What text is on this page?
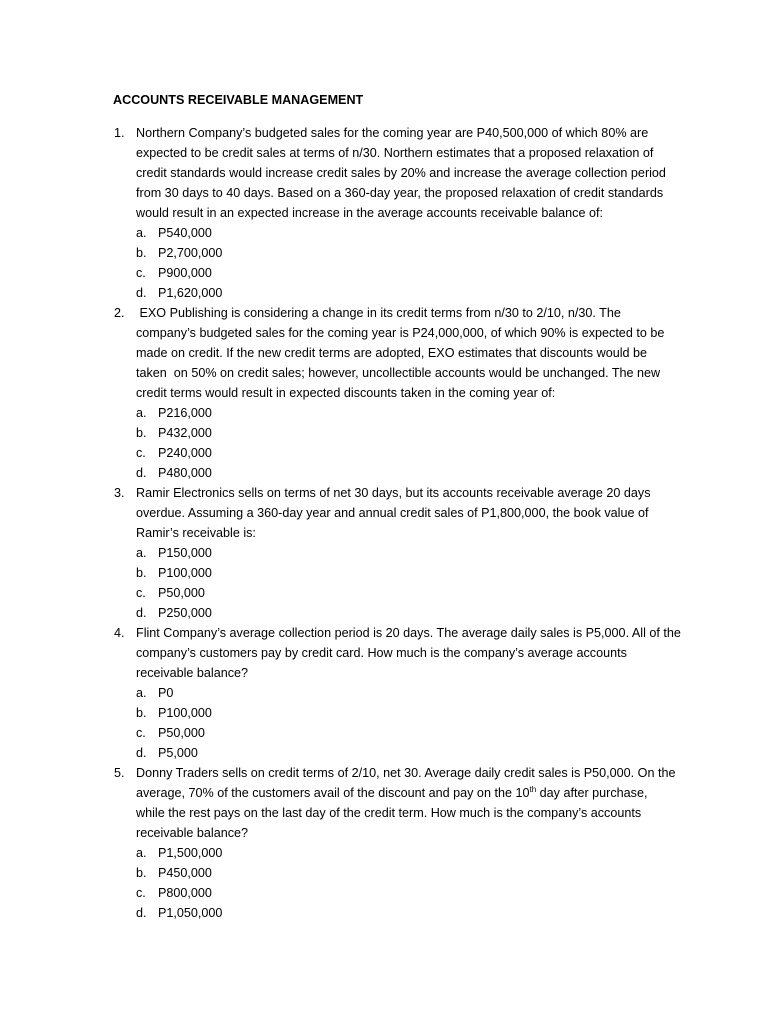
ACCOUNTS RECEIVABLE MANAGEMENT
1. Northern Company’s budgeted sales for the coming year are P40,500,000 of which 80% are
expected to be credit sales at terms of n/30. Northern estimates that a proposed relaxation of
credit standards would increase credit sales by 20% and increase the average collection period
from 30 days to 40 days. Based on a 360-day year, the proposed relaxation of credit standards
would result in an expected increase in the average accounts receivable balance of:
a. P540,000
b. P2,700,000
c. P900,000
d. P1,620,000
2. EXO Publishing is considering a change in its credit terms from n/30 to 2/10, n/30. The
company’s budgeted sales for the coming year is P24,000,000, of which 90% is expected to be
made on credit. If the new credit terms are adopted, EXO estimates that discounts would be
taken  on 50% on credit sales; however, uncollectible accounts would be unchanged. The new
credit terms would result in expected discounts taken in the coming year of:
a. P216,000
b. P432,000
c. P240,000
d. P480,000
3. Ramir Electronics sells on terms of net 30 days, but its accounts receivable average 20 days
overdue. Assuming a 360-day year and annual credit sales of P1,800,000, the book value of
Ramir’s receivable is:
a. P150,000
b. P100,000
c. P50,000
d. P250,000
4. Flint Company’s average collection period is 20 days. The average daily sales is P5,000. All of the
company’s customers pay by credit card. How much is the company’s average accounts
receivable balance?
a. P0
b. P100,000
c. P50,000
d. P5,000
5. Donny Traders sells on credit terms of 2/10, net 30. Average daily credit sales is P50,000. On the
average, 70% of the customers avail of the discount and pay on the 10th day after purchase,
while the rest pays on the last day of the credit term. How much is the company’s accounts
receivable balance?
a. P1,500,000
b. P450,000
c. P800,000
d. P1,050,000
